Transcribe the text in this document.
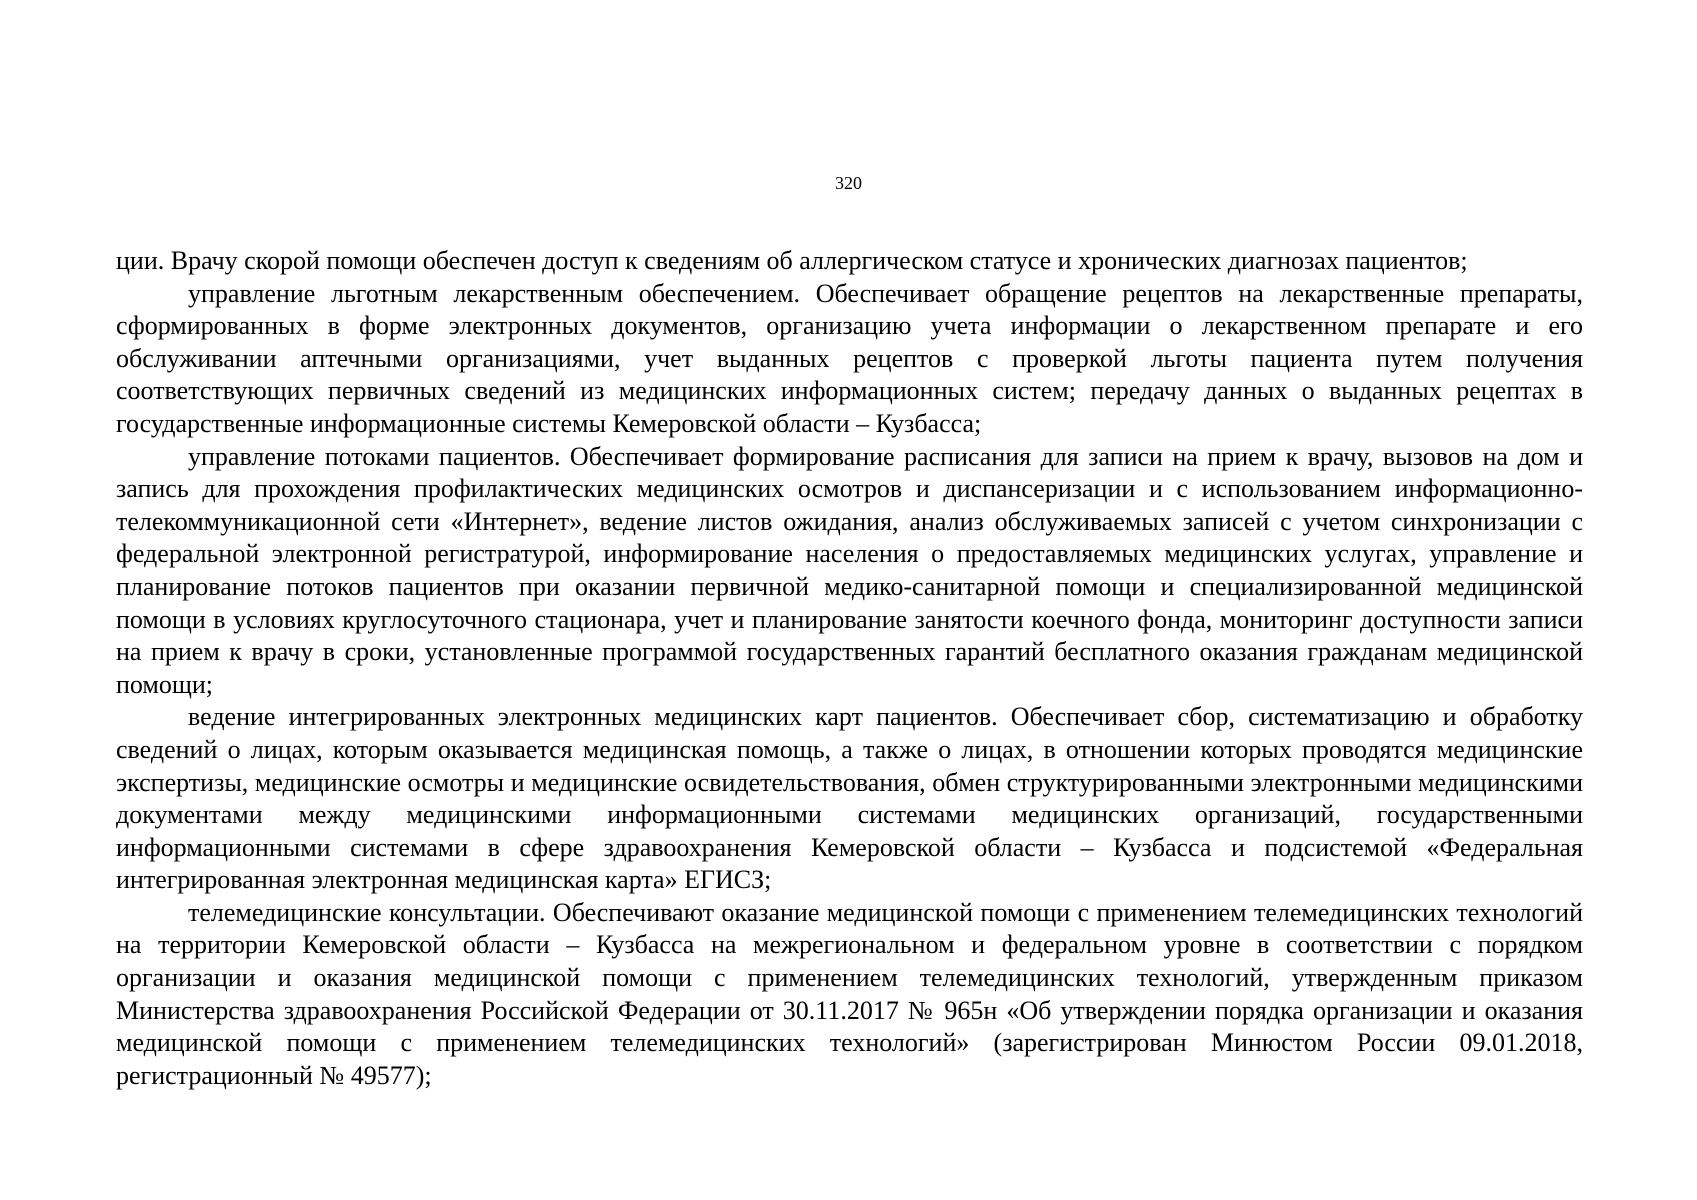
320

ции. Врачу скорой помощи обеспечен доступ к сведениям об аллергическом статусе и хронических диагнозах пациентов;

управление льготным лекарственным обеспечением. Обеспечивает обращение рецептов на лекарственные препараты, сформированных в форме электронных документов, организацию учета информации о лекарственном препарате и его обслуживании аптечными организациями, учет выданных рецептов с проверкой льготы пациента путем получения соответствующих первичных сведений из медицинских информационных систем; передачу данных о выданных рецептах в государственные информационные системы Кемеровской области – Кузбасса;

управление потоками пациентов. Обеспечивает формирование расписания для записи на прием к врачу, вызовов на дом и запись для прохождения профилактических медицинских осмотров и диспансеризации и с использованием информационно-телекоммуникационной сети «Интернет», ведение листов ожидания, анализ обслуживаемых записей с учетом синхронизации с федеральной электронной регистратурой, информирование населения о предоставляемых медицинских услугах, управление и планирование потоков пациентов при оказании первичной медико-санитарной помощи и специализированной медицинской помощи в условиях круглосуточного стационара, учет и планирование занятости коечного фонда, мониторинг доступности записи на прием к врачу в сроки, установленные программой государственных гарантий бесплатного оказания гражданам медицинской помощи;

ведение интегрированных электронных медицинских карт пациентов. Обеспечивает сбор, систематизацию и обработку сведений о лицах, которым оказывается медицинская помощь, а также о лицах, в отношении которых проводятся медицинские экспертизы, медицинские осмотры и медицинские освидетельствования, обмен структурированными электронными медицинскими документами между медицинскими информационными системами медицинских организаций, государственными информационными системами в сфере здравоохранения Кемеровской области – Кузбасса и подсистемой «Федеральная интегрированная электронная медицинская карта» ЕГИСЗ;

телемедицинские консультации. Обеспечивают оказание медицинской помощи с применением телемедицинских технологий на территории Кемеровской области – Кузбасса на межрегиональном и федеральном уровне в соответствии с порядком организации и оказания медицинской помощи с применением телемедицинских технологий, утвержденным приказом Министерства здравоохранения Российской Федерации от 30.11.2017 № 965н «Об утверждении порядка организации и оказания медицинской помощи с применением телемедицинских технологий» (зарегистрирован Минюстом России 09.01.2018, регистрационный № 49577);
